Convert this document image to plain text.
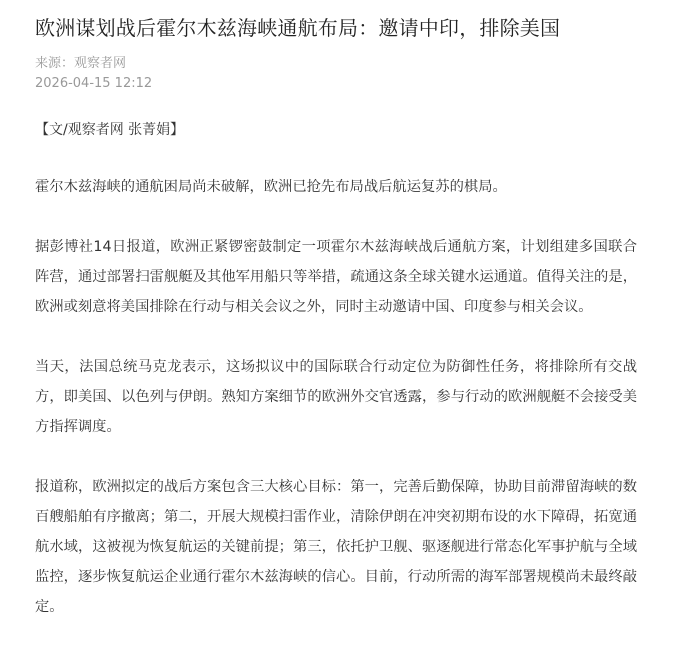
欧洲谋划战后霍尔木兹海峡通航布局：邀请中印，排除美国
来源：观察者网
2026-04-15 12:12
【文/观察者网 张菁娟】
霍尔木兹海峡的通航困局尚未破解，欧洲已抢先布局战后航运复苏的棋局。
据彭博社14日报道，欧洲正紧锣密鼓制定一项霍尔木兹海峡战后通航方案，计划组建多国联合阵营，通过部署扫雷舰艇及其他军用船只等举措，疏通这条全球关键水运通道。值得关注的是，欧洲或刻意将美国排除在行动与相关会议之外，同时主动邀请中国、印度参与相关会议。
当天，法国总统马克龙表示，这场拟议中的国际联合行动定位为防御性任务，将排除所有交战方，即美国、以色列与伊朗。熟知方案细节的欧洲外交官透露，参与行动的欧洲舰艇不会接受美方指挥调度。
报道称，欧洲拟定的战后方案包含三大核心目标：第一，完善后勤保障，协助目前滞留海峡的数百艘船舶有序撤离；第二，开展大规模扫雷作业，清除伊朗在冲突初期布设的水下障碍，拓宽通航水域，这被视为恢复航运的关键前提；第三，依托护卫舰、驱逐舰进行常态化军事护航与全域监控，逐步恢复航运企业通行霍尔木兹海峡的信心。目前，行动所需的海军部署规模尚未最终敲定。
